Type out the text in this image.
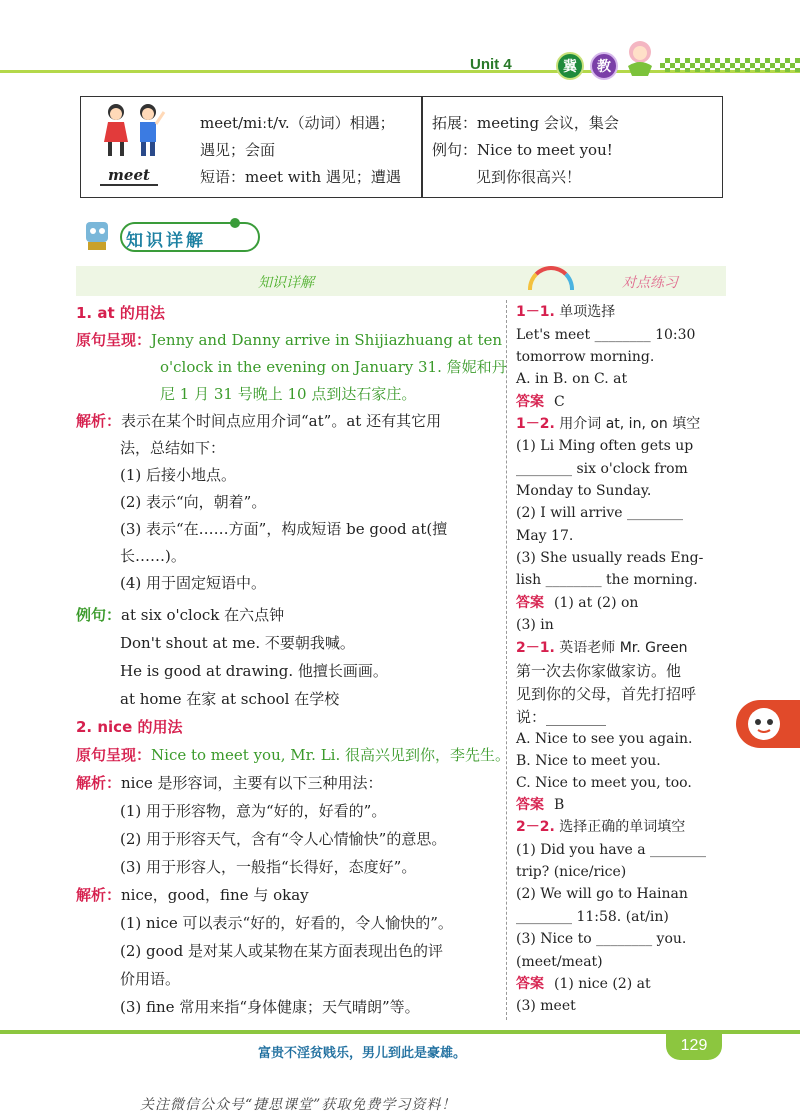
Unit 4	冀	教
meet
meet/miːt/v.（动词）相遇；
遇见；会面
短语：meet with 遇见；遭遇
拓展：meeting 会议，集会
例句：Nice to meet you!
见到你很高兴！
知识详解
知识详解	对点练习
1. at 的用法
原句呈现：Jenny and Danny arrive in Shijiazhuang at ten
o'clock in the evening on January 31. 詹妮和丹
尼 1 月 31 号晚上 10 点到达石家庄。
解析：表示在某个时间点应用介词“at”。at 还有其它用
法，总结如下：
(1) 后接小地点。
(2) 表示“向，朝着”。
(3) 表示“在……方面”，构成短语 be good at(擅
长……)。
(4) 用于固定短语中。
例句：at six o'clock 在六点钟
Don't shout at me. 不要朝我喊。
He is good at drawing. 他擅长画画。
at home 在家 at school 在学校
2. nice 的用法
原句呈现：Nice to meet you, Mr. Li. 很高兴见到你，李先生。
解析：nice 是形容词，主要有以下三种用法：
(1) 用于形容物，意为“好的，好看的”。
(2) 用于形容天气，含有“令人心情愉快”的意思。
(3) 用于形容人，一般指“长得好，态度好”。
解析：nice，good，fine 与 okay
(1) nice 可以表示“好的，好看的，令人愉快的”。
(2) good 是对某人或某物在某方面表现出色的评
价用语。
(3) fine 常用来指“身体健康；天气晴朗”等。
1－1. 单项选择
Let's meet ________ 10:30
tomorrow morning.
A. in B. on C. at
答案 C
1－2. 用介词 at, in, on 填空
(1) Li Ming often gets up
________ six o'clock from
Monday to Sunday.
(2) I will arrive ________
May 17.
(3) She usually reads Eng-
lish ________ the morning.
答案 (1) at (2) on
(3) in
2－1. 英语老师 Mr. Green
第一次去你家做家访。他
见到你的父母，首先打招呼
说：________
A. Nice to see you again.
B. Nice to meet you.
C. Nice to meet you, too.
答案 B
2－2. 选择正确的单词填空
(1) Did you have a ________
trip? (nice/rice)
(2) We will go to Hainan
________ 11:58. (at/in)
(3) Nice to ________ you.
(meet/meat)
答案 (1) nice (2) at
(3) meet
富贵不淫贫贱乐，男儿到此是豪雄。	129
关注微信公众号“捷思课堂”获取免费学习资料！
